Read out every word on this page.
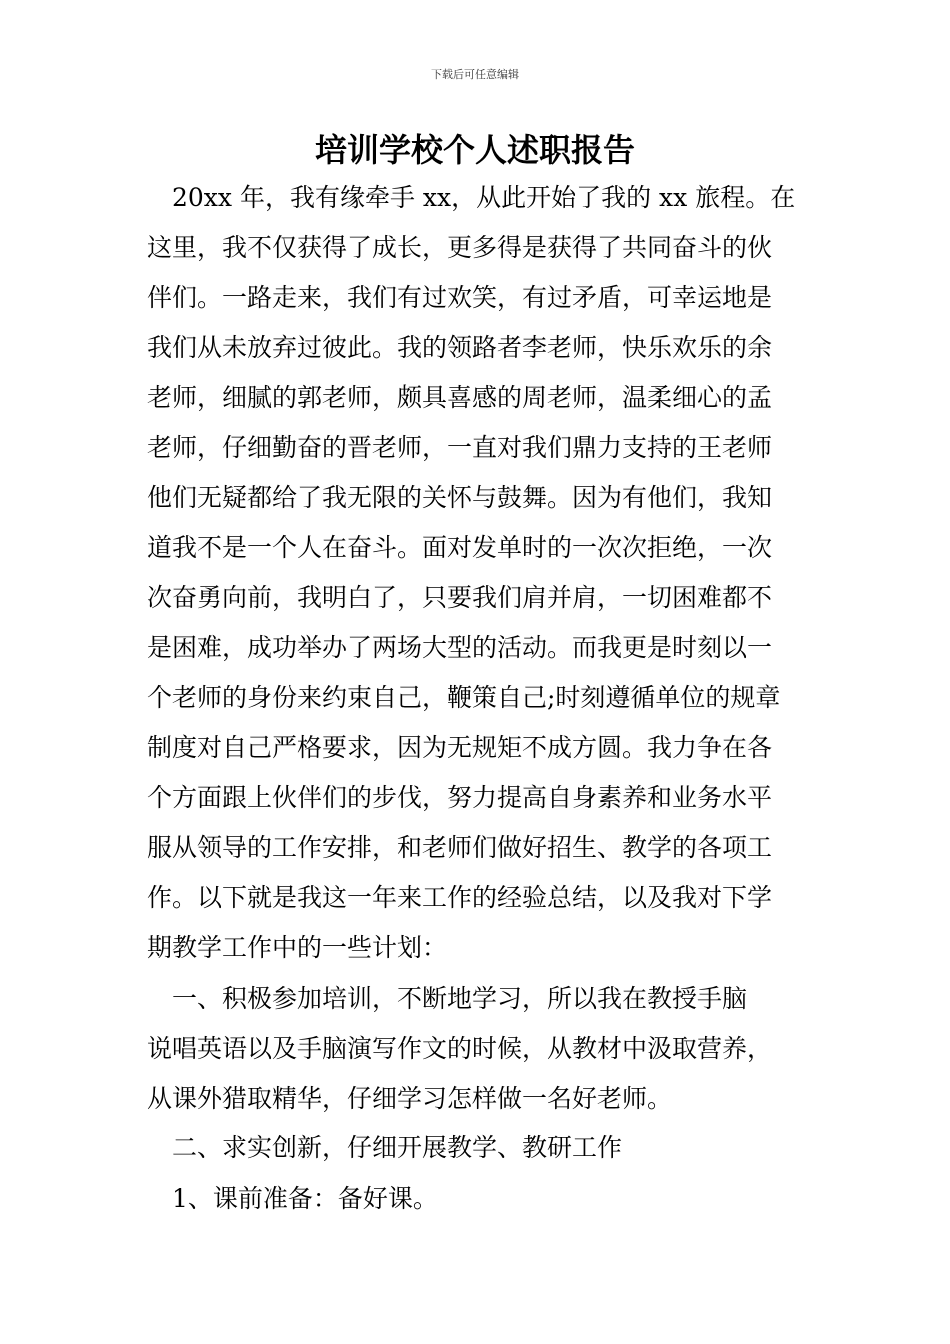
下载后可任意编辑
培训学校个人述职报告
　20xx 年，我有缘牵手 xx，从此开始了我的 xx 旅程。在
这里，我不仅获得了成长，更多得是获得了共同奋斗的伙
伴们。一路走来，我们有过欢笑，有过矛盾，可幸运地是
我们从未放弃过彼此。我的领路者李老师，快乐欢乐的余
老师，细腻的郭老师，颇具喜感的周老师，温柔细心的孟
老师，仔细勤奋的晋老师，一直对我们鼎力支持的王老师
他们无疑都给了我无限的关怀与鼓舞。因为有他们，我知
道我不是一个人在奋斗。面对发单时的一次次拒绝，一次
次奋勇向前，我明白了，只要我们肩并肩，一切困难都不
是困难，成功举办了两场大型的活动。而我更是时刻以一
个老师的身份来约束自己，鞭策自己;时刻遵循单位的规章
制度对自己严格要求，因为无规矩不成方圆。我力争在各
个方面跟上伙伴们的步伐，努力提高自身素养和业务水平
服从领导的工作安排，和老师们做好招生、教学的各项工
作。以下就是我这一年来工作的经验总结，以及我对下学
期教学工作中的一些计划：
　一、积极参加培训，不断地学习，所以我在教授手脑
说唱英语以及手脑演写作文的时候，从教材中汲取营养，
从课外猎取精华，仔细学习怎样做一名好老师。
　二、求实创新，仔细开展教学、教研工作
　1、课前准备：备好课。
